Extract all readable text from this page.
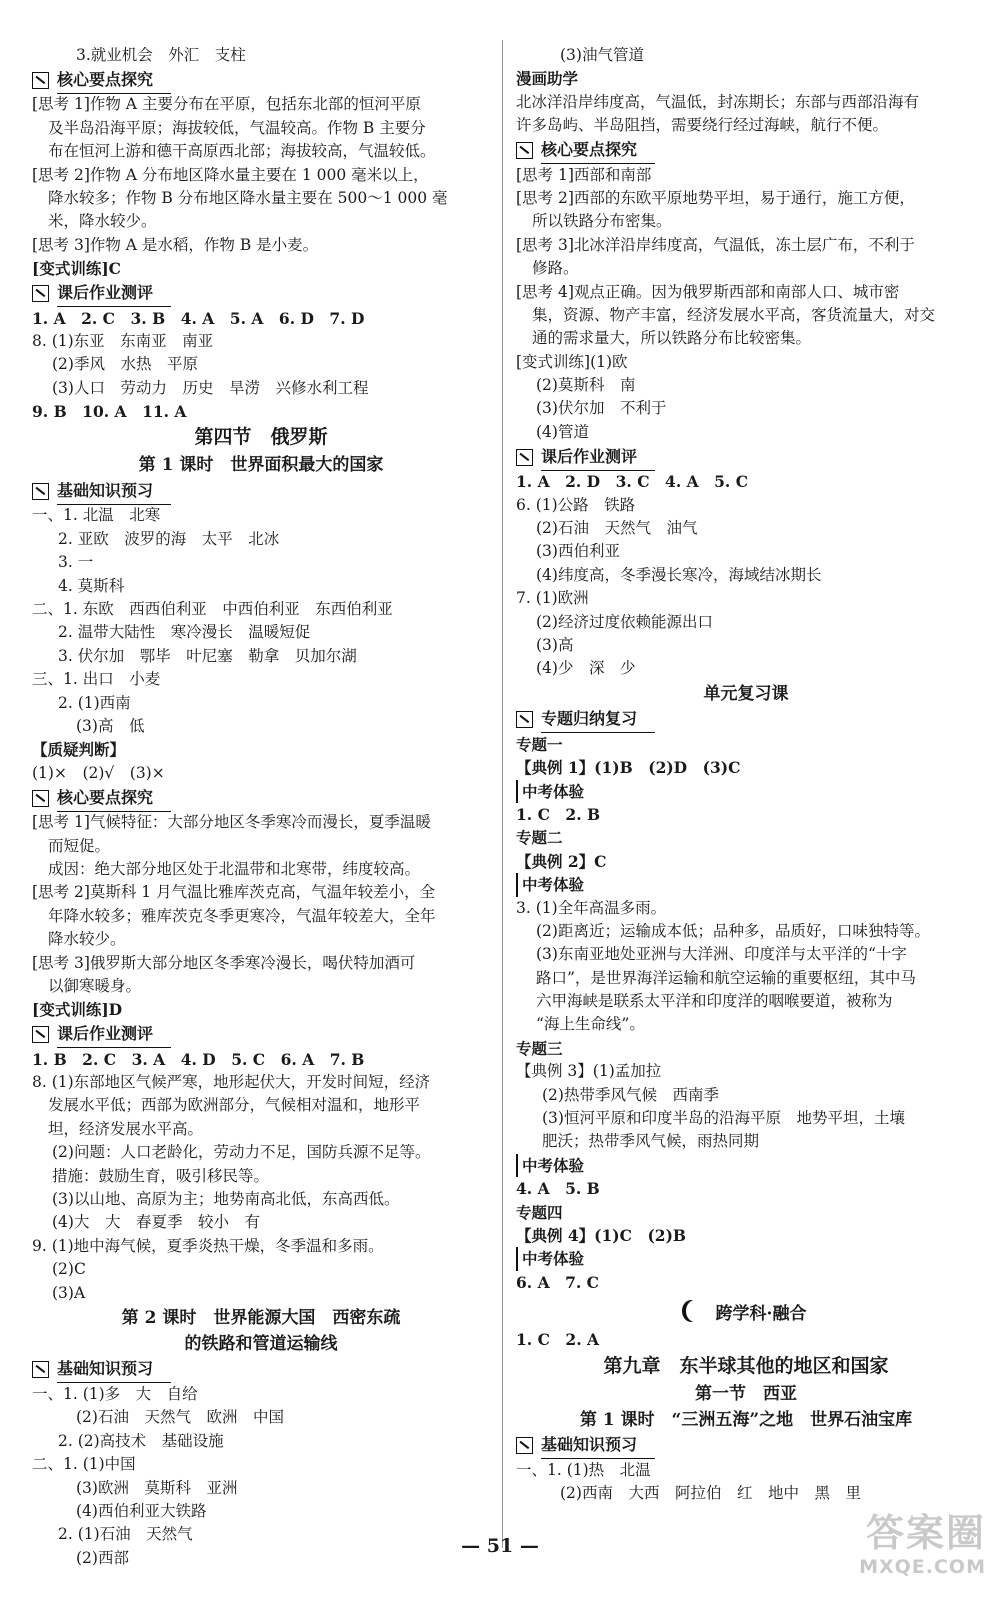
3.就业机会　外汇　支柱
核心要点探究
[思考 1]作物 A 主要分布在平原，包括东北部的恒河平原
及半岛沿海平原；海拔较低，气温较高。作物 B 主要分
布在恒河上游和德干高原西北部；海拔较高，气温较低。
[思考 2]作物 A 分布地区降水量主要在 1 000 毫米以上，
降水较多；作物 B 分布地区降水量主要在 500～1 000 毫
米，降水较少。
[思考 3]作物 A 是水稻，作物 B 是小麦。
[变式训练]C
课后作业测评
1. A　2. C　3. B　4. A　5. A　6. D　7. D
8. (1)东亚　东南亚　南亚
(2)季风　水热　平原
(3)人口　劳动力　历史　旱涝　兴修水利工程
9. B　10. A　11. A
第四节　俄罗斯
第 1 课时　世界面积最大的国家
基础知识预习
一、1. 北温　北寒
2. 亚欧　波罗的海　太平　北冰
3. 一
4. 莫斯科
二、1. 东欧　西西伯利亚　中西伯利亚　东西伯利亚
2. 温带大陆性　寒冷漫长　温暖短促
3. 伏尔加　鄂毕　叶尼塞　勒拿　贝加尔湖
三、1. 出口　小麦
2. (1)西南
(3)高　低
【质疑判断】
(1)×　(2)√　(3)×
核心要点探究
[思考 1]气候特征：大部分地区冬季寒冷而漫长，夏季温暖
而短促。
成因：绝大部分地区处于北温带和北寒带，纬度较高。
[思考 2]莫斯科 1 月气温比雅库茨克高，气温年较差小，全
年降水较多；雅库茨克冬季更寒冷，气温年较差大，全年
降水较少。
[思考 3]俄罗斯大部分地区冬季寒冷漫长，喝伏特加酒可
以御寒暖身。
[变式训练]D
课后作业测评
1. B　2. C　3. A　4. D　5. C　6. A　7. B
8. (1)东部地区气候严寒，地形起伏大，开发时间短，经济
发展水平低；西部为欧洲部分，气候相对温和，地形平
坦，经济发展水平高。
(2)问题：人口老龄化，劳动力不足，国防兵源不足等。
措施：鼓励生育，吸引移民等。
(3)以山地、高原为主；地势南高北低，东高西低。
(4)大　大　春夏季　较小　有
9. (1)地中海气候，夏季炎热干燥，冬季温和多雨。
(2)C
(3)A
第 2 课时　世界能源大国　西密东疏
的铁路和管道运输线
基础知识预习
一、1. (1)多　大　自给
(2)石油　天然气　欧洲　中国
2. (2)高技术　基础设施
二、1. (1)中国
(3)欧洲　莫斯科　亚洲
(4)西伯利亚大铁路
2. (1)石油　天然气
(2)西部
(3)油气管道
漫画助学
北冰洋沿岸纬度高，气温低，封冻期长；东部与西部沿海有
许多岛屿、半岛阻挡，需要绕行经过海峡，航行不便。
核心要点探究
[思考 1]西部和南部
[思考 2]西部的东欧平原地势平坦，易于通行，施工方便，
所以铁路分布密集。
[思考 3]北冰洋沿岸纬度高，气温低，冻土层广布，不利于
修路。
[思考 4]观点正确。因为俄罗斯西部和南部人口、城市密
集，资源、物产丰富，经济发展水平高，客货流量大，对交
通的需求量大，所以铁路分布比较密集。
[变式训练](1)欧
(2)莫斯科　南
(3)伏尔加　不利于
(4)管道
课后作业测评
1. A　2. D　3. C　4. A　5. C
6. (1)公路　铁路
(2)石油　天然气　油气
(3)西伯利亚
(4)纬度高，冬季漫长寒冷，海域结冰期长
7. (1)欧洲
(2)经济过度依赖能源出口
(3)高
(4)少　深　少
单元复习课
专题归纳复习
专题一
【典例 1】(1)B　(2)D　(3)C
中考体验
1. C　2. B
专题二
【典例 2】C
中考体验
3. (1)全年高温多雨。
(2)距离近；运输成本低；品种多，品质好，口味独特等。
(3)东南亚地处亚洲与大洋洲、印度洋与太平洋的“十字
路口”，是世界海洋运输和航空运输的重要枢纽，其中马
六甲海峡是联系太平洋和印度洋的咽喉要道，被称为
“海上生命线”。
专题三
【典例 3】(1)孟加拉
(2)热带季风气候　西南季
(3)恒河平原和印度半岛的沿海平原　地势平坦，土壤
肥沃；热带季风气候，雨热同期
中考体验
4. A　5. B
专题四
【典例 4】(1)C　(2)B
中考体验
6. A　7. C
跨学科·融合
1. C　2. A
第九章　东半球其他的地区和国家
第一节　西亚
第 1 课时　“三洲五海”之地　世界石油宝库
基础知识预习
一、1. (1)热　北温
(2)西南　大西　阿拉伯　红　地中　黑　里
— 51 —	答案圈
MXQE.COM
